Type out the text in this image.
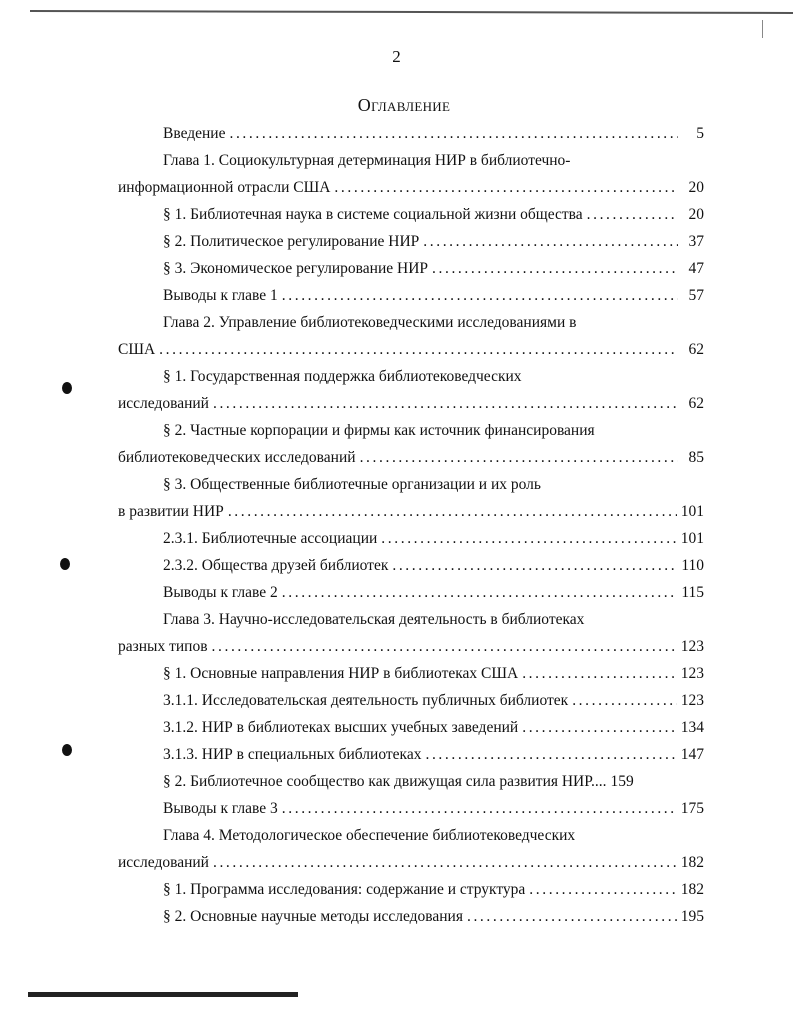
2
Оглавление
Введение .....	5
Глава 1. Социокультурная детерминация НИР в библиотечно-
информационной отрасли США .....	20
§ 1. Библиотечная наука в системе социальной жизни общества .....	20
§ 2. Политическое регулирование НИР .....	37
§ 3. Экономическое регулирование НИР .....	47
Выводы к главе 1 .....	57
Глава 2. Управление библиотековедческими исследованиями в
США .....	62
§ 1. Государственная поддержка библиотековедческих
исследований .....	62
§ 2. Частные корпорации и фирмы как источник финансирования
библиотековедческих исследований .....	85
§ 3. Общественные библиотечные организации и их роль
в развитии НИР .....	101
2.3.1. Библиотечные ассоциации .....	101
2.3.2. Общества друзей библиотек .....	110
Выводы к главе 2 .....	115
Глава 3. Научно-исследовательская деятельность в библиотеках
разных типов .....	123
§ 1. Основные направления НИР в библиотеках США .....	123
3.1.1. Исследовательская деятельность публичных библиотек .....	123
3.1.2. НИР в библиотеках высших учебных заведений .....	134
3.1.3. НИР в специальных библиотеках .....	147
§ 2. Библиотечное сообщество как движущая сила развития НИР.... 159
Выводы к главе 3 .....	175
Глава 4. Методологическое обеспечение библиотековедческих
исследований .....	182
§ 1. Программа исследования: содержание и структура .....	182
§ 2. Основные научные методы исследования .....	195
